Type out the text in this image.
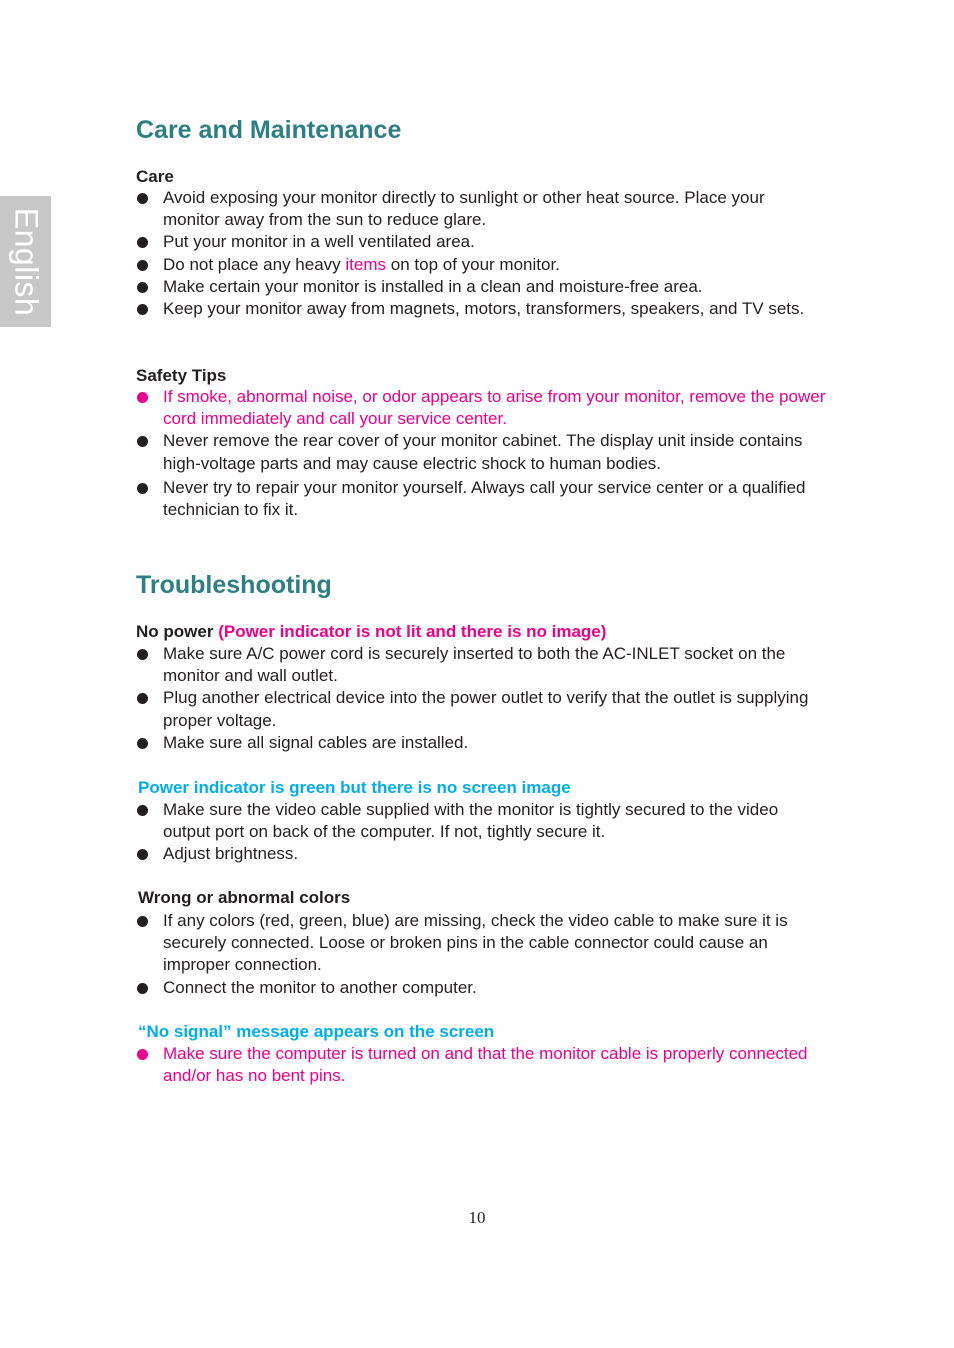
English
Care and Maintenance
Care
Avoid exposing your monitor directly to sunlight or other heat source. Place your monitor away from the sun to reduce glare.
Put your monitor in a well ventilated area.
Do not place any heavy items on top of your monitor.
Make certain your monitor is installed in a clean and moisture-free area.
Keep your monitor away from magnets, motors, transformers, speakers, and TV sets.
Safety Tips
If smoke, abnormal noise, or odor appears to arise from your monitor, remove the power cord immediately and call your service center.
Never remove the rear cover of your monitor cabinet. The display unit inside contains high-voltage parts and may cause electric shock to human bodies.
Never try to repair your monitor yourself. Always call your service center or a qualified technician to fix it.
Troubleshooting
No power (Power indicator is not lit and there is no image)
Make sure A/C power cord is securely inserted to both the AC-INLET socket on the monitor and wall outlet.
Plug another electrical device into the power outlet to verify that the outlet is supplying proper voltage.
Make sure all signal cables are installed.
Power indicator is green but there is no screen image
Make sure the video cable supplied with the monitor is tightly secured to the video output port on back of the computer. If not, tightly secure it.
Adjust brightness.
Wrong or abnormal colors
If any colors (red, green, blue) are missing, check the video cable to make sure it is securely connected. Loose or broken pins in the cable connector could cause an improper connection.
Connect the monitor to another computer.
“No signal” message appears on the screen
Make sure the computer is turned on and that the monitor cable is properly connected and/or has no bent pins.
10
